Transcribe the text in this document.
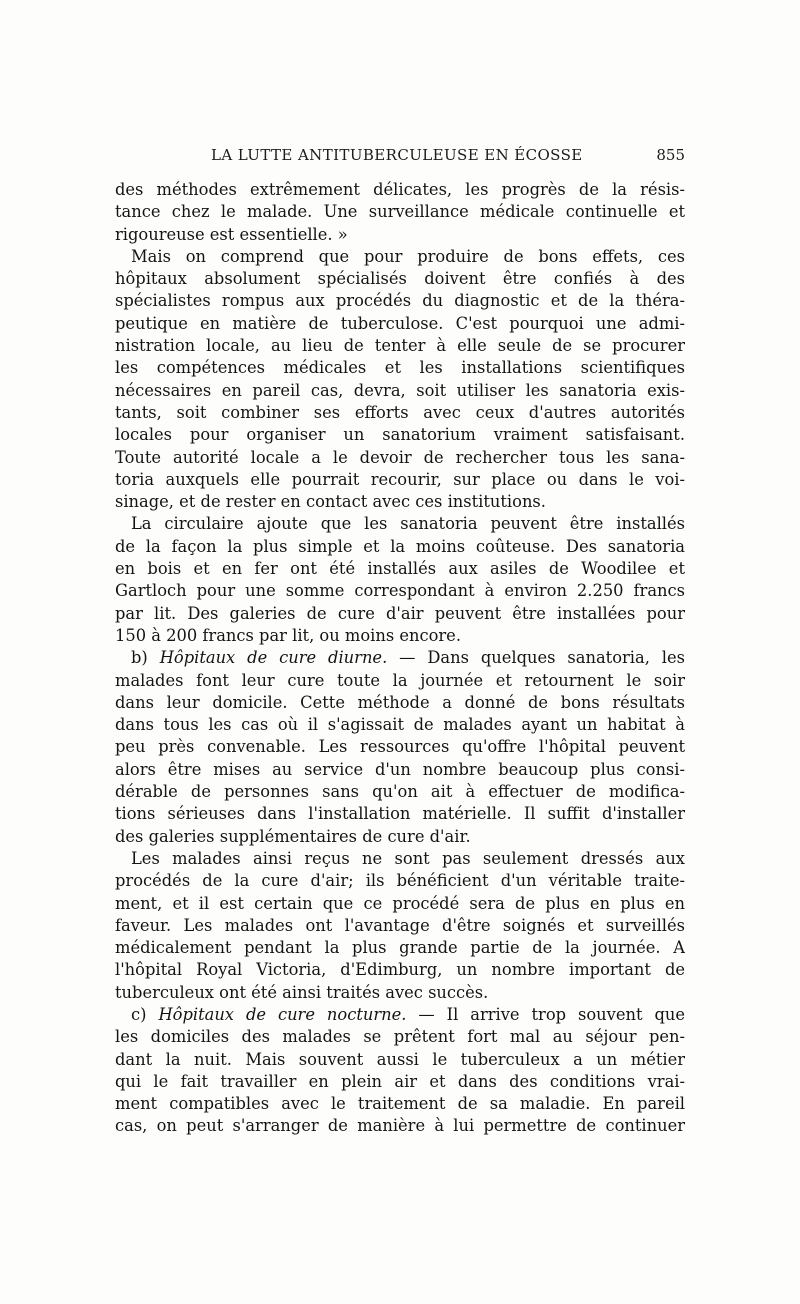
LA LUTTE ANTITUBERCULEUSE EN ÉCOSSE	855
des méthodes extrêmement délicates, les progrès de la résis-
tance chez le malade. Une surveillance médicale continuelle et
rigoureuse est essentielle. »
Mais on comprend que pour produire de bons effets, ces
hôpitaux absolument spécialisés doivent être confiés à des
spécialistes rompus aux procédés du diagnostic et de la théra-
peutique en matière de tuberculose. C'est pourquoi une admi-
nistration locale, au lieu de tenter à elle seule de se procurer
les compétences médicales et les installations scientifiques
nécessaires en pareil cas, devra, soit utiliser les sanatoria exis-
tants, soit combiner ses efforts avec ceux d'autres autorités
locales pour organiser un sanatorium vraiment satisfaisant.
Toute autorité locale a le devoir de rechercher tous les sana-
toria auxquels elle pourrait recourir, sur place ou dans le voi-
sinage, et de rester en contact avec ces institutions.
La circulaire ajoute que les sanatoria peuvent être installés
de la façon la plus simple et la moins coûteuse. Des sanatoria
en bois et en fer ont été installés aux asiles de Woodilee et
Gartloch pour une somme correspondant à environ 2.250 francs
par lit. Des galeries de cure d'air peuvent être installées pour
150 à 200 francs par lit, ou moins encore.
b) Hôpitaux de cure diurne. — Dans quelques sanatoria, les
malades font leur cure toute la journée et retournent le soir
dans leur domicile. Cette méthode a donné de bons résultats
dans tous les cas où il s'agissait de malades ayant un habitat à
peu près convenable. Les ressources qu'offre l'hôpital peuvent
alors être mises au service d'un nombre beaucoup plus consi-
dérable de personnes sans qu'on ait à effectuer de modifica-
tions sérieuses dans l'installation matérielle. Il suffit d'installer
des galeries supplémentaires de cure d'air.
Les malades ainsi reçus ne sont pas seulement dressés aux
procédés de la cure d'air; ils bénéficient d'un véritable traite-
ment, et il est certain que ce procédé sera de plus en plus en
faveur. Les malades ont l'avantage d'être soignés et surveillés
médicalement pendant la plus grande partie de la journée. A
l'hôpital Royal Victoria, d'Edimburg, un nombre important de
tuberculeux ont été ainsi traités avec succès.
c) Hôpitaux de cure nocturne. — Il arrive trop souvent que
les domiciles des malades se prêtent fort mal au séjour pen-
dant la nuit. Mais souvent aussi le tuberculeux a un métier
qui le fait travailler en plein air et dans des conditions vrai-
ment compatibles avec le traitement de sa maladie. En pareil
cas, on peut s'arranger de manière à lui permettre de continuer
